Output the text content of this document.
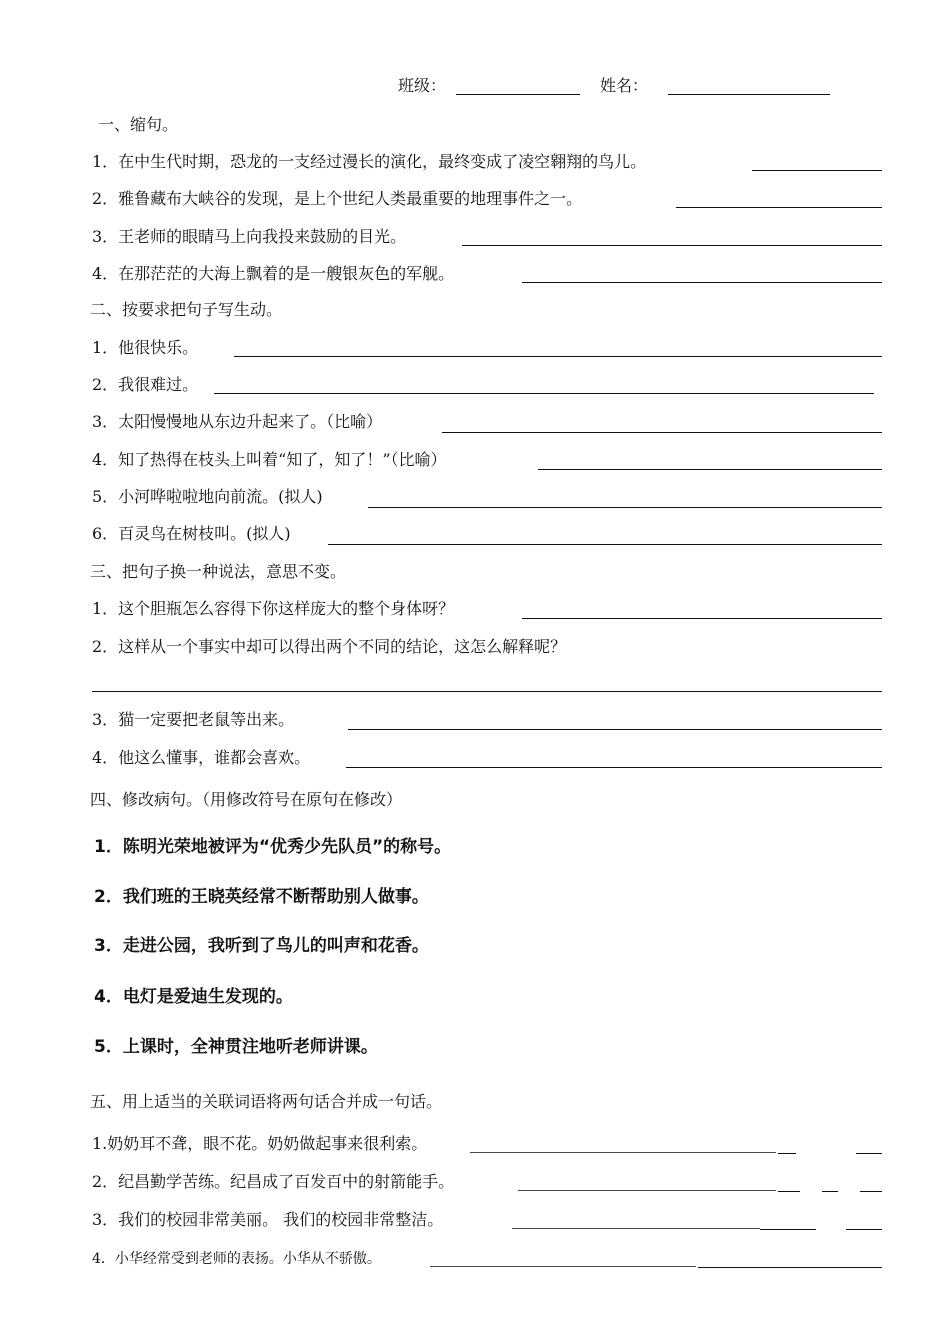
班级：	姓名：
一、缩句。
1．在中生代时期，恐龙的一支经过漫长的演化，最终变成了凌空翱翔的鸟儿。
2．雅鲁藏布大峡谷的发现，是上个世纪人类最重要的地理事件之一。
3．王老师的眼睛马上向我投来鼓励的目光。
4．在那茫茫的大海上飘着的是一艘银灰色的军舰。
二、按要求把句子写生动。
1．他很快乐。
2．我很难过。
3．太阳慢慢地从东边升起来了。（比喻）
4．知了热得在枝头上叫着“知了，知了！”（比喻）
5．小河哗啦啦地向前流。(拟人)
6．百灵鸟在树枝叫。(拟人)
三、把句子换一种说法，意思不变。
1．这个胆瓶怎么容得下你这样庞大的整个身体呀？
2．这样从一个事实中却可以得出两个不同的结论，这怎么解释呢？
3．猫一定要把老鼠等出来。
4．他这么懂事，谁都会喜欢。
四、修改病句。（用修改符号在原句在修改）
1．陈明光荣地被评为“优秀少先队员”的称号。
2．我们班的王晓英经常不断帮助别人做事。
3．走进公园，我听到了鸟儿的叫声和花香。
4．电灯是爱迪生发现的。
5．上课时，全神贯注地听老师讲课。
五、用上适当的关联词语将两句话合并成一句话。
1.奶奶耳不聋，眼不花。奶奶做起事来很利索。
2．纪昌勤学苦练。纪昌成了百发百中的射箭能手。
3．我们的校园非常美丽。 我们的校园非常整洁。
4．小华经常受到老师的表扬。小华从不骄傲。
